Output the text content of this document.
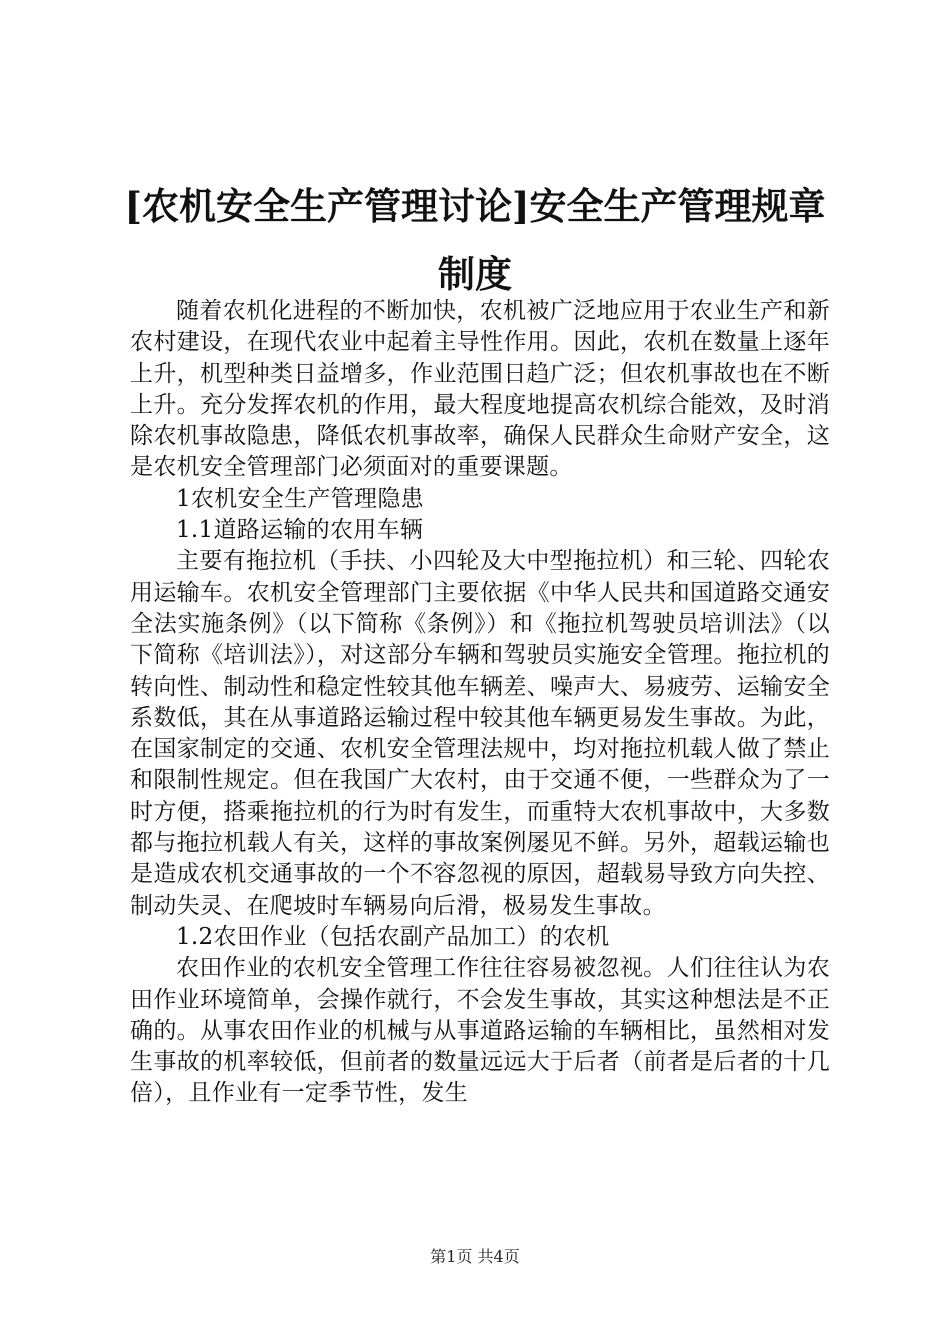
[农机安全生产管理讨论]安全生产管理规章制度

随着农机化进程的不断加快，农机被广泛地应用于农业生产和新农村建设，在现代农业中起着主导性作用。因此，农机在数量上逐年上升，机型种类日益增多，作业范围日趋广泛；但农机事故也在不断上升。充分发挥农机的作用，最大程度地提高农机综合能效，及时消除农机事故隐患，降低农机事故率，确保人民群众生命财产安全，这是农机安全管理部门必须面对的重要课题。

1农机安全生产管理隐患

1.1道路运输的农用车辆

主要有拖拉机（手扶、小四轮及大中型拖拉机）和三轮、四轮农用运输车。农机安全管理部门主要依据《中华人民共和国道路交通安全法实施条例》（以下简称《条例》）和《拖拉机驾驶员培训法》（以下简称《培训法》），对这部分车辆和驾驶员实施安全管理。拖拉机的转向性、制动性和稳定性较其他车辆差、噪声大、易疲劳、运输安全系数低，其在从事道路运输过程中较其他车辆更易发生事故。为此，在国家制定的交通、农机安全管理法规中，均对拖拉机载人做了禁止和限制性规定。但在我国广大农村，由于交通不便，一些群众为了一时方便，搭乘拖拉机的行为时有发生，而重特大农机事故中，大多数都与拖拉机载人有关，这样的事故案例屡见不鲜。另外，超载运输也是造成农机交通事故的一个不容忽视的原因，超载易导致方向失控、制动失灵、在爬坡时车辆易向后滑，极易发生事故。

1.2农田作业（包括农副产品加工）的农机

农田作业的农机安全管理工作往往容易被忽视。人们往往认为农田作业环境简单，会操作就行，不会发生事故，其实这种想法是不正确的。从事农田作业的机械与从事道路运输的车辆相比，虽然相对发生事故的机率较低，但前者的数量远远大于后者（前者是后者的十几倍），且作业有一定季节性，发生

第1页 共4页
